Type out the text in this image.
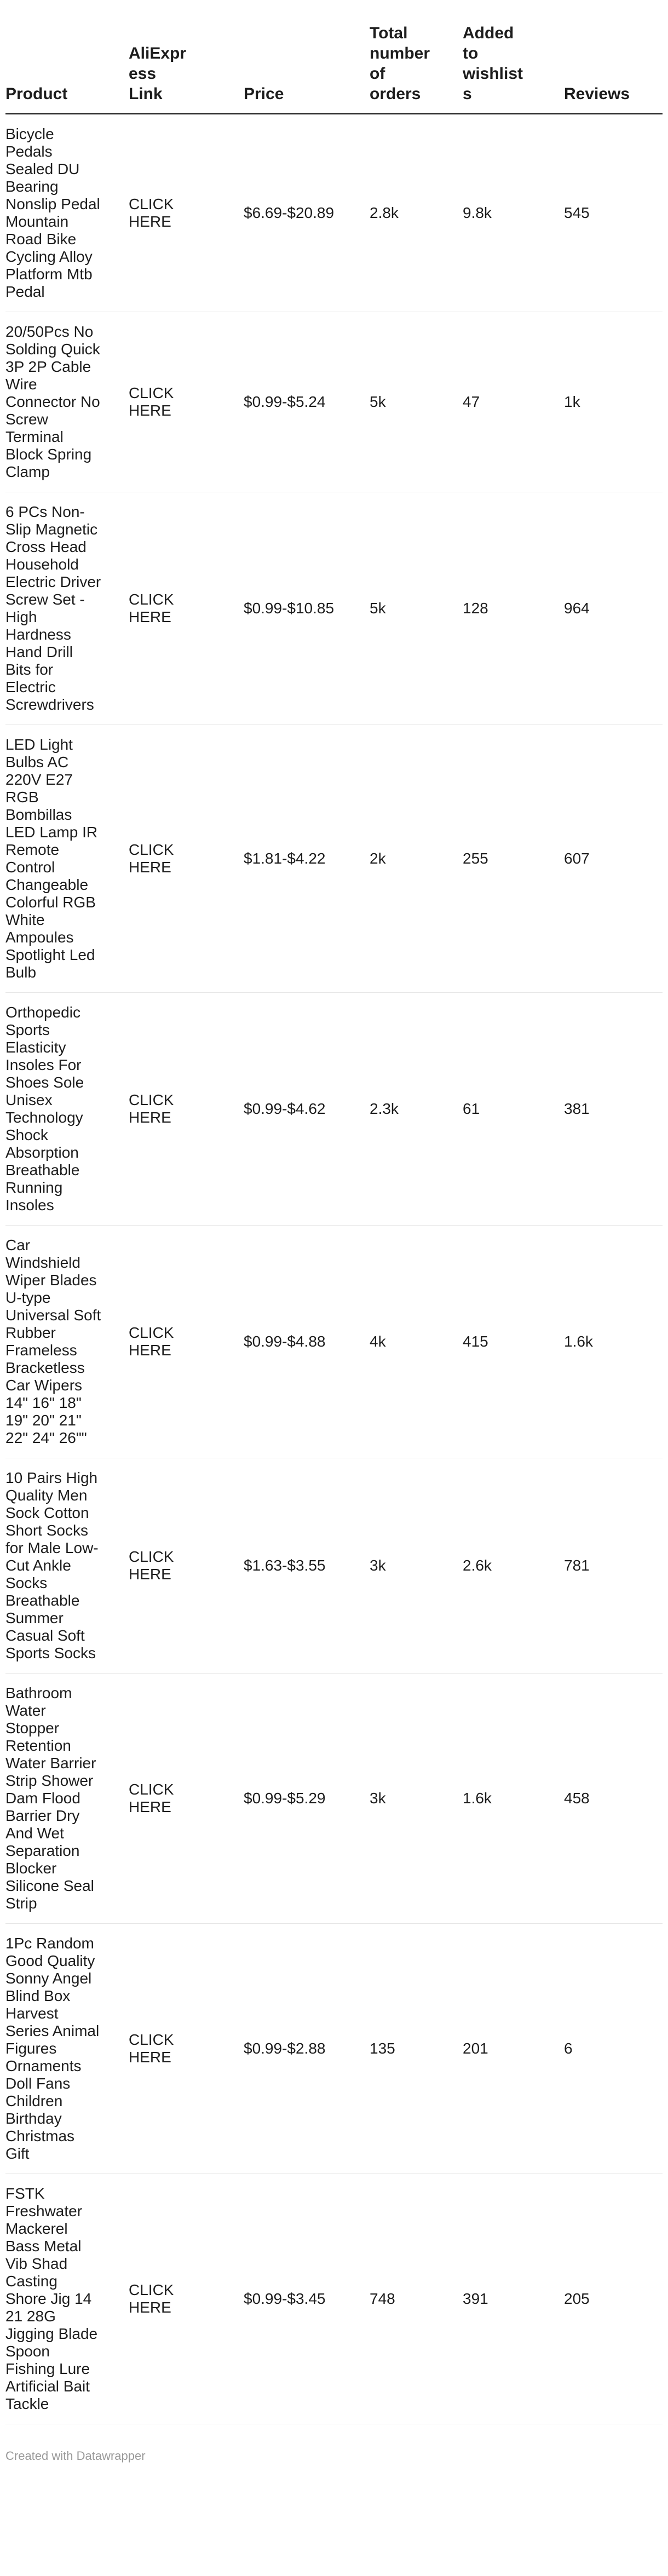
Product	AliExpress Link	Price	Total number of orders	Added to wishlists	Reviews
Bicycle Pedals Sealed DU Bearing Nonslip Pedal Mountain Road Bike Cycling Alloy Platform Mtb Pedal	CLICK HERE	$6.69-$20.89	2.8k	9.8k	545
20/50Pcs No Solding Quick 3P 2P Cable Wire Connector No Screw Terminal Block Spring Clamp	CLICK HERE	$0.99-$5.24	5k	47	1k
6 PCs Non-Slip Magnetic Cross Head Household Electric Driver Screw Set - High Hardness Hand Drill Bits for Electric Screwdrivers	CLICK HERE	$0.99-$10.85	5k	128	964
LED Light Bulbs AC 220V E27 RGB Bombillas LED Lamp IR Remote Control Changeable Colorful RGB White Ampoules Spotlight Led Bulb	CLICK HERE	$1.81-$4.22	2k	255	607
Orthopedic Sports Elasticity Insoles For Shoes Sole Unisex Technology Shock Absorption Breathable Running Insoles	CLICK HERE	$0.99-$4.62	2.3k	61	381
Car Windshield Wiper Blades U-type Universal Soft Rubber Frameless Bracketless Car Wipers 14" 16" 18" 19" 20" 21" 22" 24" 26""	CLICK HERE	$0.99-$4.88	4k	415	1.6k
10 Pairs High Quality Men Sock Cotton Short Socks for Male Low-Cut Ankle Socks Breathable Summer Casual Soft Sports Socks	CLICK HERE	$1.63-$3.55	3k	2.6k	781
Bathroom Water Stopper Retention Water Barrier Strip Shower Dam Flood Barrier Dry And Wet Separation Blocker Silicone Seal Strip	CLICK HERE	$0.99-$5.29	3k	1.6k	458
1Pc Random Good Quality Sonny Angel Blind Box Harvest Series Animal Figures Ornaments Doll Fans Children Birthday Christmas Gift	CLICK HERE	$0.99-$2.88	135	201	6
FSTK Freshwater Mackerel Bass Metal Vib Shad Casting Shore Jig 14 21 28G Jigging Blade Spoon Fishing Lure Artificial Bait Tackle	CLICK HERE	$0.99-$3.45	748	391	205
Created with Datawrapper
